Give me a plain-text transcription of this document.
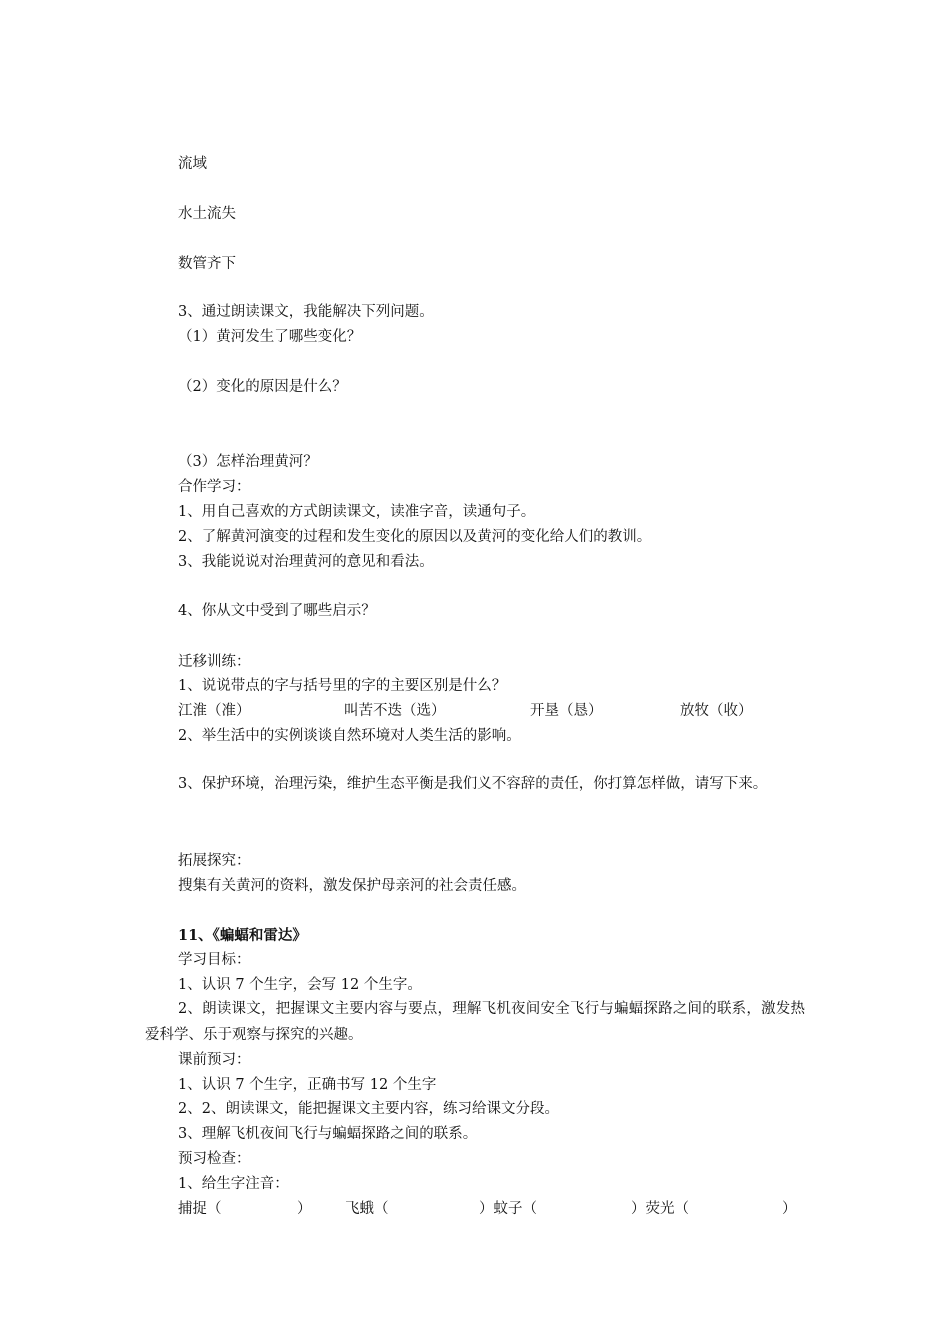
流域
水土流失
数管齐下
3、通过朗读课文，我能解决下列问题。
（1）黄河发生了哪些变化？
（2）变化的原因是什么？
（3）怎样治理黄河？
合作学习：
1、用自己喜欢的方式朗读课文，读准字音，读通句子。
2、了解黄河演变的过程和发生变化的原因以及黄河的变化给人们的教训。
3、我能说说对治理黄河的意见和看法。
4、你从文中受到了哪些启示？
迁移训练：
1、说说带点的字与括号里的字的主要区别是什么？
江淮（准）	叫苦不迭（选）	开垦（恳）	放牧（收）
2、举生活中的实例谈谈自然环境对人类生活的影响。
3、保护环境，治理污染，维护生态平衡是我们义不容辞的责任，你打算怎样做，请写下来。
拓展探究：
搜集有关黄河的资料，激发保护母亲河的社会责任感。
11、《蝙蝠和雷达》
学习目标：
1、认识 7 个生字，会写 12 个生字。
2、朗读课文，把握课文主要内容与要点，理解飞机夜间安全飞行与蝙蝠探路之间的联系，激发热爱科学、乐于观察与探究的兴趣。
课前预习：
1、认识 7 个生字，正确书写 12 个生字
2、2、朗读课文，能把握课文主要内容，练习给课文分段。
3、理解飞机夜间飞行与蝙蝠探路之间的联系。
预习检查：
1、给生字注音：
捕捉（	） 飞蛾（	）蚊子（	）荧光（	）
